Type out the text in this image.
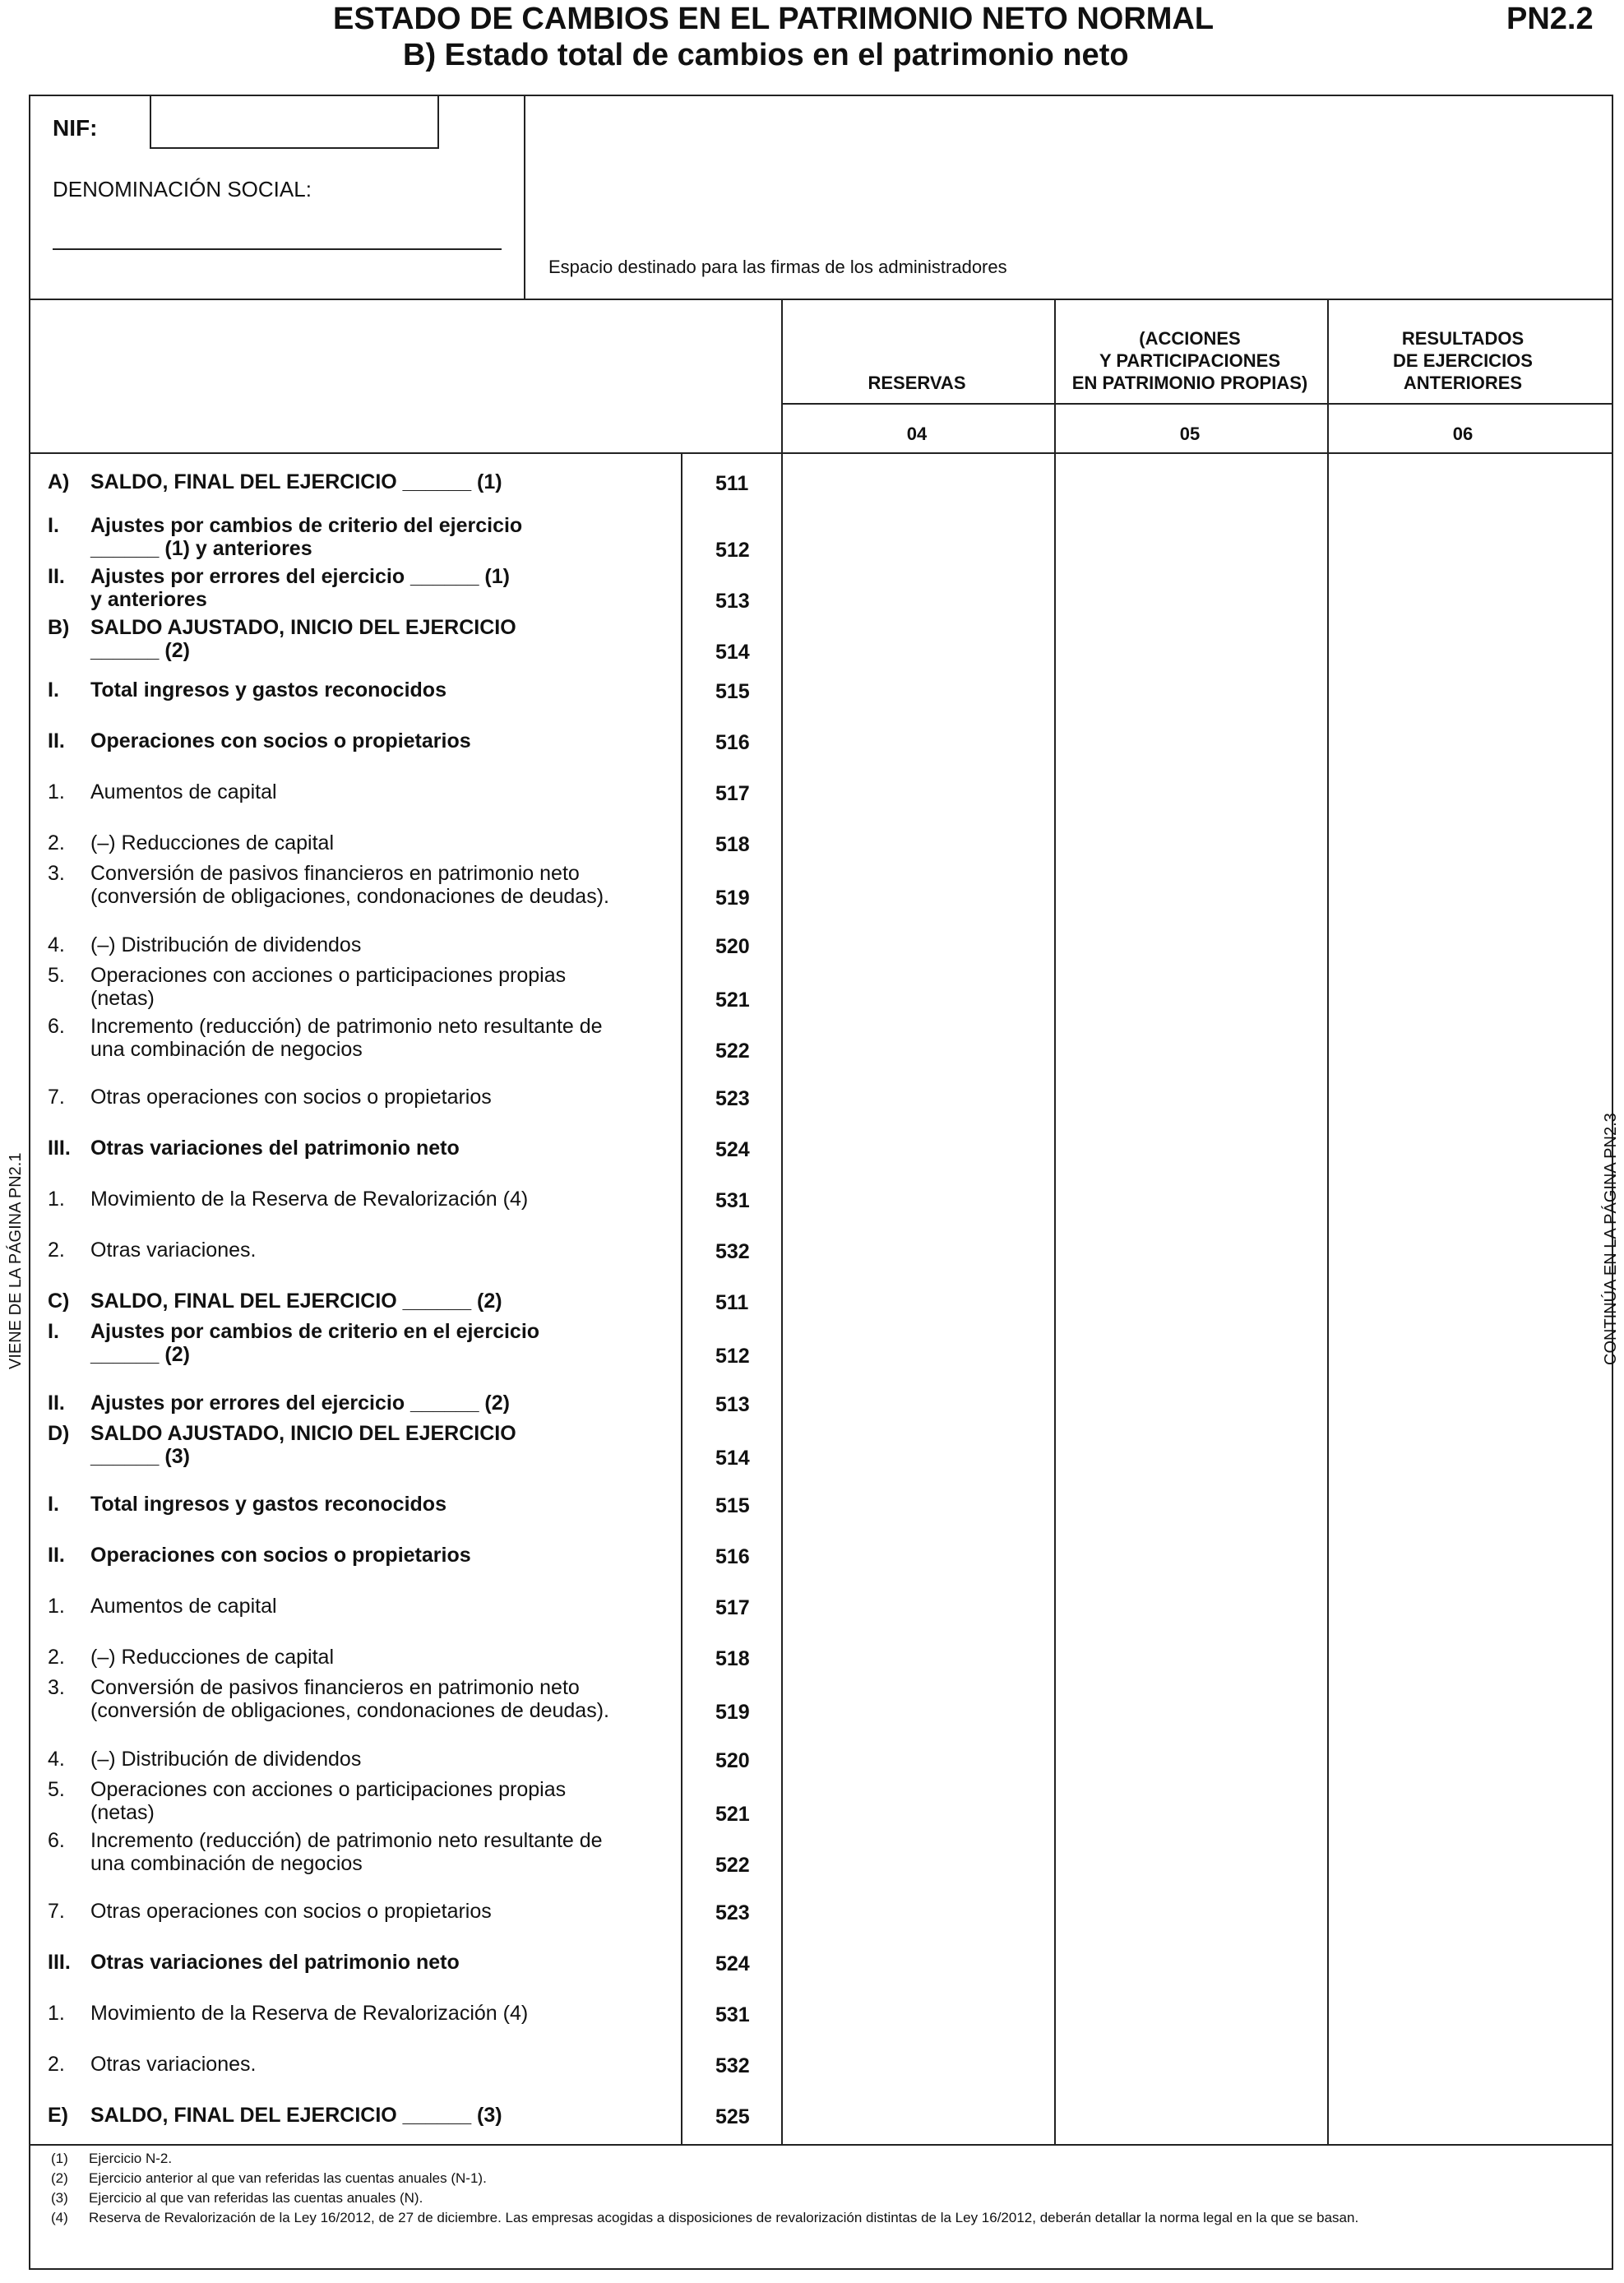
ESTADO DE CAMBIOS EN EL PATRIMONIO NETO NORMAL
B) Estado total de cambios en el patrimonio neto
PN2.2
NIF:
DENOMINACIÓN SOCIAL:
Espacio destinado para las firmas de los administradores
RESERVAS
(ACCIONES
Y PARTICIPACIONES
EN PATRIMONIO PROPIAS)
RESULTADOS
DE EJERCICIOS
ANTERIORES
04	05	06
A)	SALDO, FINAL DEL EJERCICIO ______ (1)	511
I.	Ajustes por cambios de criterio del ejercicio
______ (1) y anteriores	512
II.	Ajustes por errores del ejercicio ______ (1)
y anteriores	513
B)	SALDO AJUSTADO, INICIO DEL EJERCICIO
______ (2)	514
I.	Total ingresos y gastos reconocidos	515
II.	Operaciones con socios o propietarios	516
1.	Aumentos de capital	517
2.	(–) Reducciones de capital	518
3.	Conversión de pasivos financieros en patrimonio neto
(conversión de obligaciones, condonaciones de deudas).	519
4.	(–) Distribución de dividendos	520
5.	Operaciones con acciones o participaciones propias
(netas)	521
6.	Incremento (reducción) de patrimonio neto resultante de
una combinación de negocios	522
7.	Otras operaciones con socios o propietarios	523
III. Otras variaciones del patrimonio neto	524
1.	Movimiento de la Reserva de Revalorización (4)	531
2.	Otras variaciones.	532
C)	SALDO, FINAL DEL EJERCICIO ______ (2)	511
I.	Ajustes por cambios de criterio en el ejercicio
______ (2)	512
II.	Ajustes por errores del ejercicio ______ (2)	513
D)	SALDO AJUSTADO, INICIO DEL EJERCICIO
______ (3)	514
I.	Total ingresos y gastos reconocidos	515
II.	Operaciones con socios o propietarios	516
1.	Aumentos de capital	517
2.	(–) Reducciones de capital	518
3.	Conversión de pasivos financieros en patrimonio neto
(conversión de obligaciones, condonaciones de deudas).	519
4.	(–) Distribución de dividendos	520
5.	Operaciones con acciones o participaciones propias
(netas)	521
6.	Incremento (reducción) de patrimonio neto resultante de
una combinación de negocios	522
7.	Otras operaciones con socios o propietarios	523
III. Otras variaciones del patrimonio neto	524
1.	Movimiento de la Reserva de Revalorización (4)	531
2.	Otras variaciones.	532
E)	SALDO, FINAL DEL EJERCICIO ______ (3)	525
VIENE DE LA PÁGINA PN2.1	CONTINÚA EN LA PÁGINA PN2.3
(1) Ejercicio N-2.
(2) Ejercicio anterior al que van referidas las cuentas anuales (N-1).
(3) Ejercicio al que van referidas las cuentas anuales (N).
(4) Reserva de Revalorización de la Ley 16/2012, de 27 de diciembre. Las empresas acogidas a disposiciones de revalorización distintas de la Ley 16/2012, deberán detallar la norma legal en la que se basan.
